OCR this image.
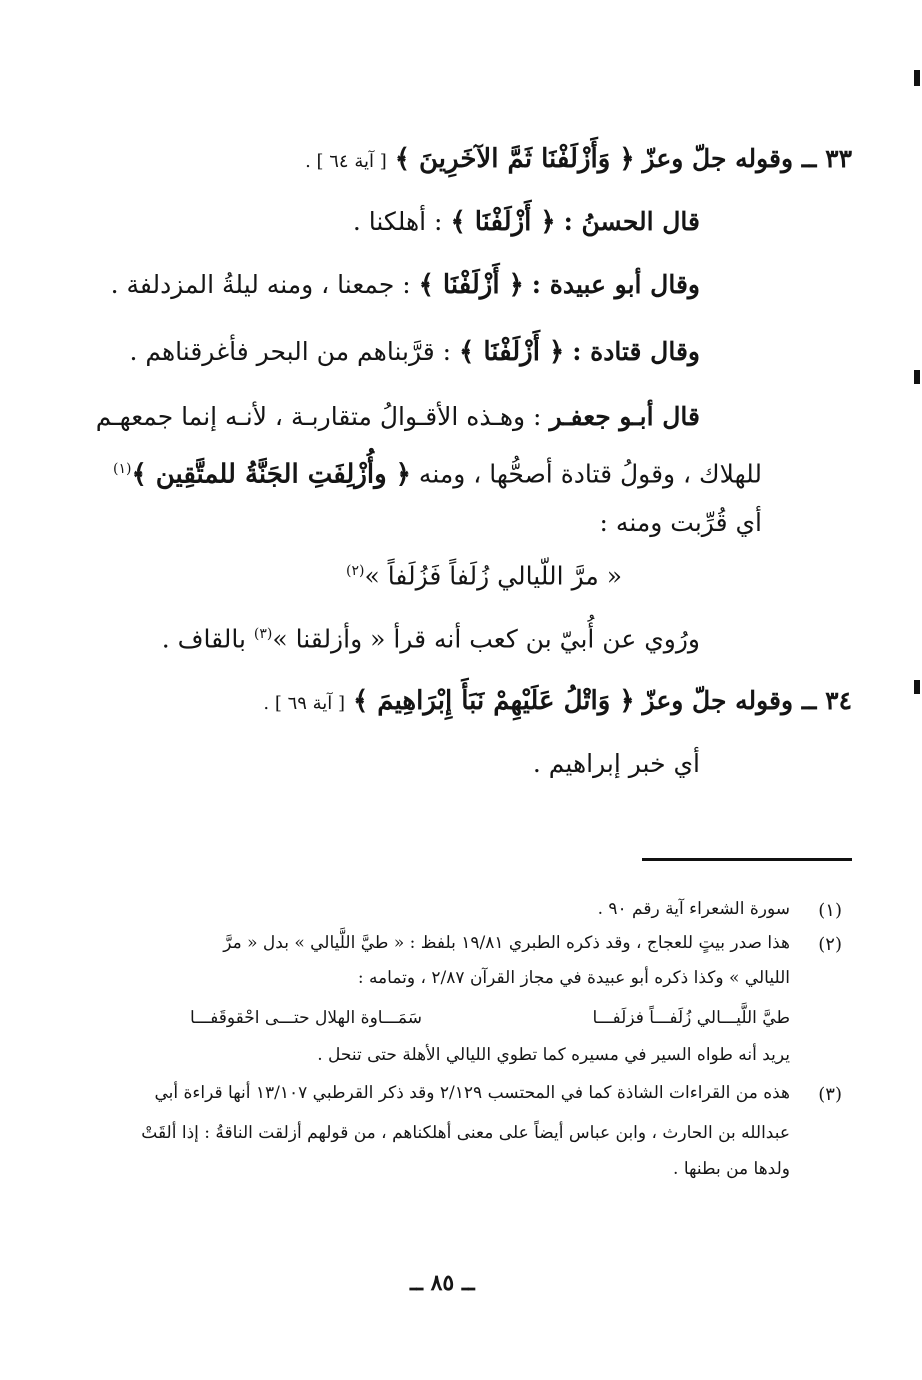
٣٣ ــ وقوله جلّ وعزّ ﴿ وَأَزْلَفْنَا ثَمَّ الآخَرِينَ ﴾ [ آية ٦٤ ] .
قال الحسنُ : ﴿ أَزْلَفْنَا ﴾ : أهلكنا .
وقال أبو عبيدة : ﴿ أَزْلَفْنَا ﴾ : جمعنا ، ومنه ليلةُ المزدلفة .
وقال قتادة : ﴿ أَزْلَفْنَا ﴾ : قرَّبناهم من البحر فأغرقناهم .
قال أبـو جعفـر : وهـذه الأقـوالُ متقاربـة ، لأنـه إنما جمعهـم
للهلاك ، وقولُ قتادة أصحُّها ، ومنه ﴿ وأُزْلِفَتِ الجَنَّةُ للمتَّقِين ﴾$^{(١)}$
أي قُرِّبت ومنه :
« مرَّ اللّيالي زُلَفاً فَزُلَفاً »$^{(٢)}$
ورُوي عن أُبيّ بن كعب أنه قرأ « وأزلقنا »$^{(٣)}$ بالقاف .
٣٤ ــ وقوله جلّ وعزّ ﴿ وَاتْلُ عَلَيْهِمْ نَبَأَ إِبْرَاهِيمَ ﴾ [ آية ٦٩ ] .
أي خبر إبراهيم .
(١)
سورة الشعراء آية رقم ٩٠ .
(٢)
هذا صدر بيتٍ للعجاج ، وقد ذكره الطبري ١٩/٨١ بلفظ : « طيَّ اللَّيالي » بدل « مرَّ
الليالي » وكذا ذكره أبو عبيدة في مجاز القرآن ٢/٨٧ ، وتمامه :
طيَّ اللَّيـــالي زُلَفـــاً فزلَفـــا
سَمَـــاوة الهلال حتـــى احْقوقَفـــا
يريد أنه طواه السير في مسيره كما تطوي الليالي الأهلة حتى تنحل .
(٣)
هذه من القراءات الشاذة كما في المحتسب ٢/١٢٩ وقد ذكر القرطبي ١٣/١٠٧ أنها قراءة أبي
عبدالله بن الحارث ، وابن عباس أيضاً على معنى أهلكناهم ، من قولهم أزلقت الناقةُ : إذا ألقَتْ
ولدها من بطنها .
ــ ٨٥ ــ
